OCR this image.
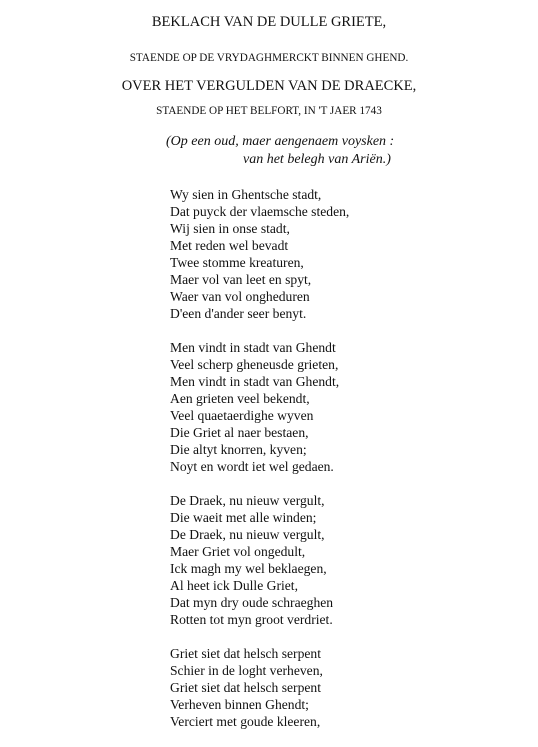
BEKLACH VAN DE DULLE GRIETE,
STAENDE OP DE VRYDAGHMERCKT BINNEN GHEND.
OVER HET VERGULDEN VAN DE DRAECKE,
STAENDE OP HET BELFORT, IN 'T JAER 1743
(Op een oud, maer aengenaem voysken :
van het belegh van Ariën.)
Wy sien in Ghentsche stadt,
Dat puyck der vlaemsche steden,
Wij sien in onse stadt,
Met reden wel bevadt
Twee stomme kreaturen,
Maer vol van leet en spyt,
Waer van vol ongheduren
D'een d'ander seer benyt.
Men vindt in stadt van Ghendt
Veel scherp gheneusde grieten,
Men vindt in stadt van Ghendt,
Aen grieten veel bekendt,
Veel quaetaerdighe wyven
Die Griet al naer bestaen,
Die altyt knorren, kyven;
Noyt en wordt iet wel gedaen.
De Draek, nu nieuw vergult,
Die waeit met alle winden;
De Draek, nu nieuw vergult,
Maer Griet vol ongedult,
Ick magh my wel beklaegen,
Al heet ick Dulle Griet,
Dat myn dry oude schraeghen
Rotten tot myn groot verdriet.
Griet siet dat helsch serpent
Schier in de loght verheven,
Griet siet dat helsch serpent
Verheven binnen Ghendt;
Verciert met goude kleeren,
